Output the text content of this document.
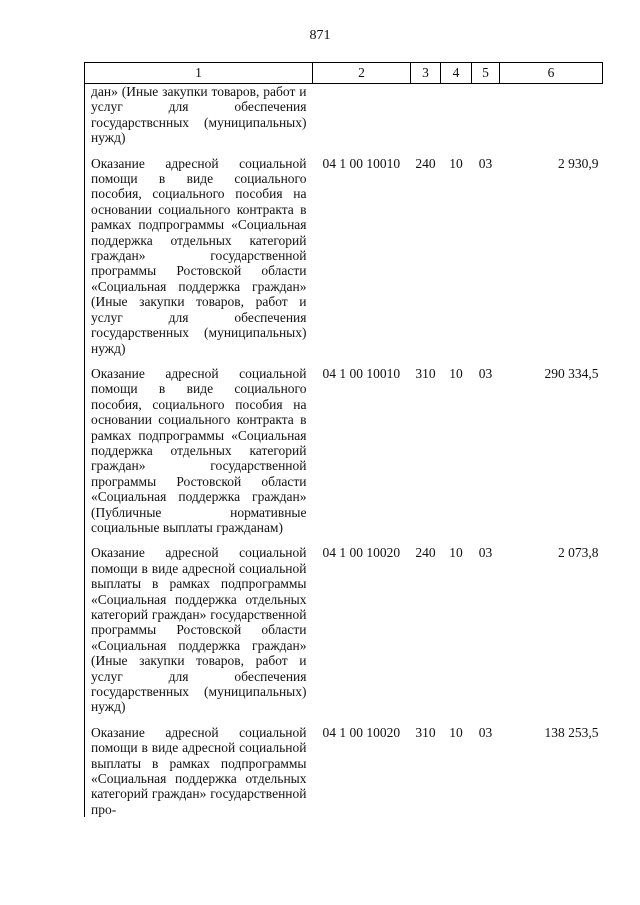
871
1	2	3	4	5	6
дан» (Иные закупки товаров, работ и услуг для обеспечения государствснных (муниципальных) нужд)					
Оказание адресной социальной помощи в виде социального пособия, социального пособия на основании социального контракта в рамках подпрограммы «Социальная поддержка отдельных категорий граждан» государственной программы Ростовской области «Социальная поддержка граждан» (Иные закупки товаров, работ и услуг для обеспечения государственных (муниципальных) нужд)	04 1 00 10010	240	10	03	2 930,9
Оказание адресной социальной помощи в виде социального пособия, социального пособия на основании социального контракта в рамках подпрограммы «Социальная поддержка отдельных категорий граждан» государственной программы Ростовской области «Социальная поддержка граждан» (Публичные нормативные социальные выплаты гражданам)	04 1 00 10010	310	10	03	290 334,5
Оказание адресной социальной помощи в виде адресной социальной выплаты в рамках подпрограммы «Социальная поддержка отдельных категорий граждан» государственной программы Ростовской области «Социальная поддержка граждан» (Иные закупки товаров, работ и услуг для обеспечения государственных (муниципальных) нужд)	04 1 00 10020	240	10	03	2 073,8
Оказание адресной социальной помощи в виде адресной социальной выплаты в рамках подпрограммы «Социальная поддержка отдельных категорий граждан» государственной про-	04 1 00 10020	310	10	03	138 253,5
